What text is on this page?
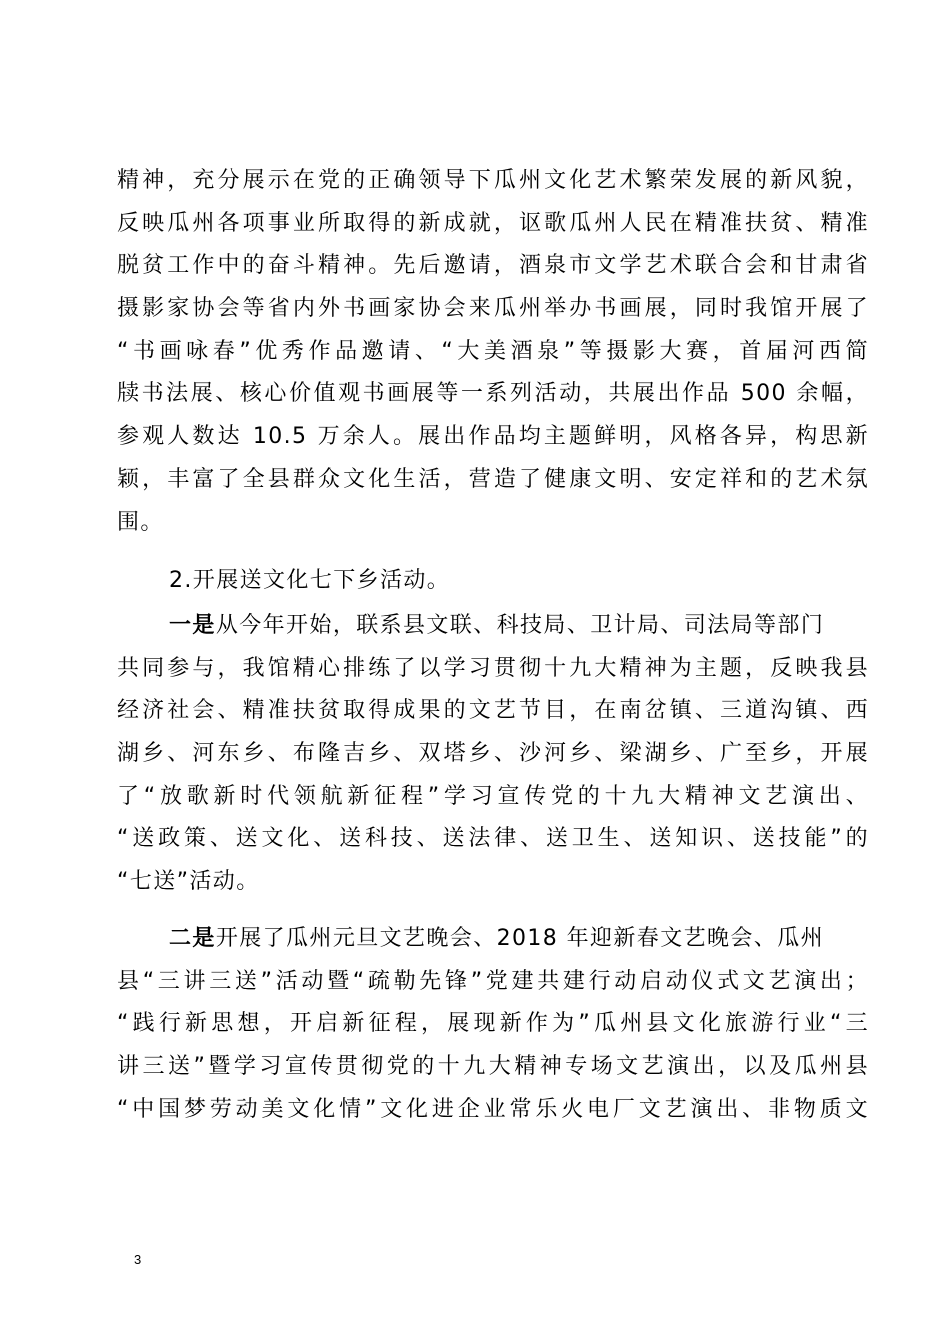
精神，充分展示在党的正确领导下瓜州文化艺术繁荣发展的新风貌，
反映瓜州各项事业所取得的新成就，讴歌瓜州人民在精准扶贫、精准
脱贫工作中的奋斗精神。先后邀请，酒泉市文学艺术联合会和甘肃省
摄影家协会等省内外书画家协会来瓜州举办书画展，同时我馆开展了
“书画咏春”优秀作品邀请、“大美酒泉”等摄影大赛，首届河西简
牍书法展、核心价值观书画展等一系列活动，共展出作品 500 余幅，
参观人数达 10.5 万余人。展出作品均主题鲜明，风格各异，构思新
颖，丰富了全县群众文化生活，营造了健康文明、安定祥和的艺术氛
围。
2.开展送文化七下乡活动。
一是从今年开始，联系县文联、科技局、卫计局、司法局等部门
共同参与，我馆精心排练了以学习贯彻十九大精神为主题，反映我县
经济社会、精准扶贫取得成果的文艺节目，在南岔镇、三道沟镇、西
湖乡、河东乡、布隆吉乡、双塔乡、沙河乡、梁湖乡、广至乡，开展
了“放歌新时代领航新征程”学习宣传党的十九大精神文艺演出、
“送政策、送文化、送科技、送法律、送卫生、送知识、送技能”的
“七送”活动。
二是开展了瓜州元旦文艺晚会、2018 年迎新春文艺晚会、瓜州
县“三讲三送”活动暨“疏勒先锋”党建共建行动启动仪式文艺演出；
“践行新思想，开启新征程，展现新作为”瓜州县文化旅游行业“三
讲三送”暨学习宣传贯彻党的十九大精神专场文艺演出，以及瓜州县
“中国梦劳动美文化情”文化进企业常乐火电厂文艺演出、非物质文
3
